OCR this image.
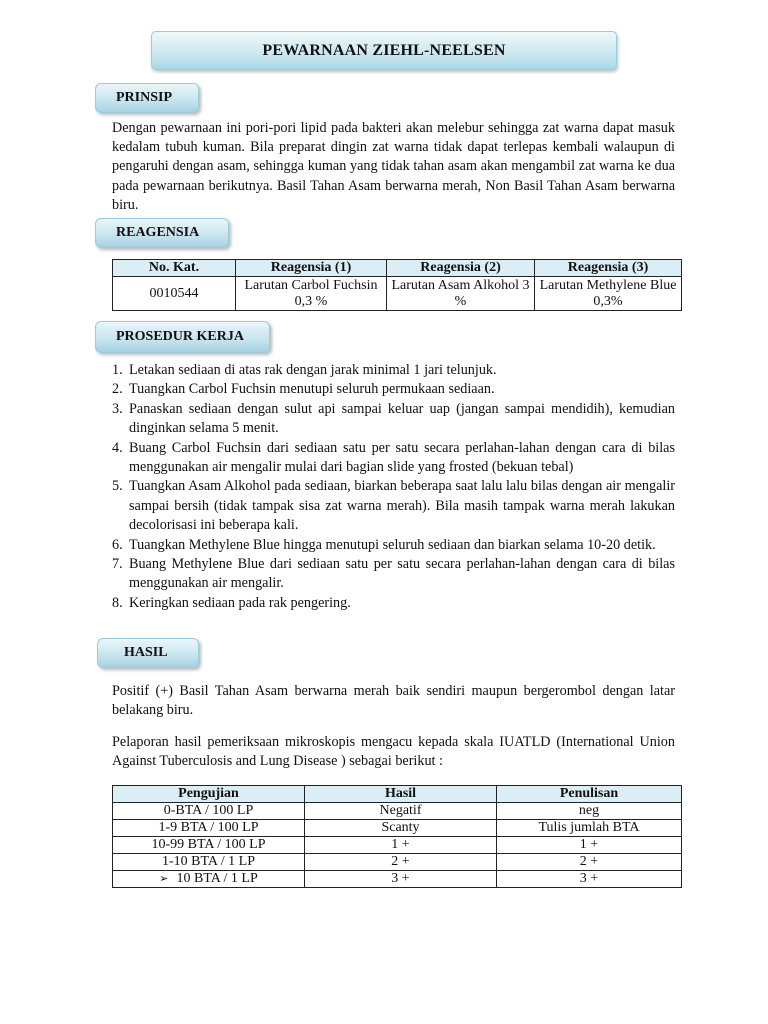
PEWARNAAN ZIEHL-NEELSEN
PRINSIP

Dengan pewarnaan ini pori-pori lipid pada bakteri akan melebur sehingga zat warna dapat masuk kedalam tubuh kuman. Bila preparat dingin zat warna tidak dapat terlepas kembali walaupun di pengaruhi dengan asam, sehingga kuman yang tidak tahan asam akan mengambil zat warna ke dua pada pewarnaan berikutnya. Basil Tahan Asam berwarna merah, Non Basil Tahan Asam berwarna biru.

REAGENSIA
No. Kat.	Reagensia (1)	Reagensia (2)	Reagensia (3)
0010544	Larutan Carbol Fuchsin 0,3 %	Larutan Asam Alkohol 3 %	Larutan Methylene Blue 0,3%
PROSEDUR KERJA
1. Letakan sediaan di atas rak dengan jarak minimal 1 jari telunjuk.
2. Tuangkan Carbol Fuchsin menutupi seluruh permukaan sediaan.
3. Panaskan sediaan dengan sulut api sampai keluar uap (jangan sampai mendidih), kemudian dinginkan selama 5 menit.
4. Buang Carbol Fuchsin dari sediaan satu per satu secara perlahan-lahan dengan cara di bilas menggunakan air mengalir mulai dari bagian slide yang frosted (bekuan tebal)
5. Tuangkan Asam Alkohol pada sediaan, biarkan beberapa saat lalu lalu bilas dengan air mengalir sampai bersih (tidak tampak sisa zat warna merah). Bila masih tampak warna merah lakukan decolorisasi ini beberapa kali.
6. Tuangkan Methylene Blue hingga menutupi seluruh sediaan dan biarkan selama 10-20 detik.
7. Buang Methylene Blue dari sediaan satu per satu secara perlahan-lahan dengan cara di bilas menggunakan air mengalir.
8. Keringkan sediaan pada rak pengering.
HASIL

Positif (+) Basil Tahan Asam berwarna merah baik sendiri maupun bergerombol dengan latar belakang biru.

Pelaporan hasil pemeriksaan mikroskopis mengacu kepada skala IUATLD (International Union Against Tuberculosis and Lung Disease ) sebagai berikut :

Pengujian	Hasil	Penulisan
0-BTA / 100 LP	Negatif	neg
1-9 BTA / 100 LP	Scanty	Tulis jumlah BTA
10-99 BTA / 100 LP	1 +	1 +
1-10 BTA / 1 LP	2 +	2 +
➢ 10 BTA / 1 LP	3 +	3 +
